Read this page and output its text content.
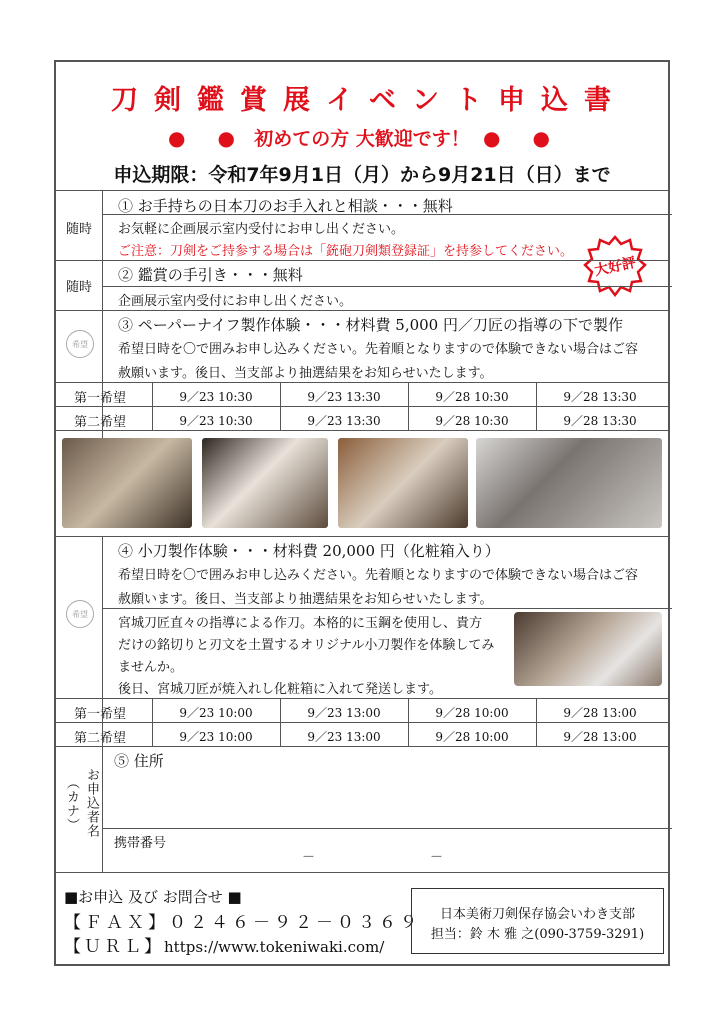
刀剣鑑賞展イベント申込書
●　● 初めての方 大歓迎です！ ●　●
申込期限：令和7年9月1日（月）から9月21日（日）まで
随時
① お手持ちの日本刀のお手入れと相談・・・無料
お気軽に企画展示室内受付にお申し出ください。
ご注意：刀剣をご持参する場合は「銃砲刀剣類登録証」を持参してください。
大好評
随時
② 鑑賞の手引き・・・無料
企画展示室内受付にお申し出ください。
希望
③ ペーパーナイフ製作体験・・・材料費 5,000 円／刀匠の指導の下で製作
希望日時を〇で囲みお申し込みください。先着順となりますので体験できない場合はご容
赦願います。後日、当支部より抽選結果をお知らせいたします。
第一希望	9／23 10:30	9／23 13:30	9／28 10:30	9／28 13:30
第二希望	9／23 10:30	9／23 13:30	9／28 10:30	9／28 13:30
希望
④ 小刀製作体験・・・材料費 20,000 円（化粧箱入り）
希望日時を〇で囲みお申し込みください。先着順となりますので体験できない場合はご容
赦願います。後日、当支部より抽選結果をお知らせいたします。
宮城刀匠直々の指導による作刀。本格的に玉鋼を使用し、貴方
だけの銘切りと刃文を土置するオリジナル小刀製作を体験してみ
ませんか。
後日、宮城刀匠が焼入れし化粧箱に入れて発送します。
第一希望	9／23 10:00	9／23 13:00	9／28 10:00	9／28 13:00
第二希望	9／23 10:00	9／23 13:00	9／28 10:00	9／28 13:00
お申込者名
（カナ）
⑤ 住所
携帯番号
－	－
■お申込 及び お問合せ ■
【ＦＡＸ】０２４６－９２－０３６９
【ＵＲＬ】https://www.tokeniwaki.com/
日本美術刀剣保存協会いわき支部
担当：鈴 木 雅 之(090-3759-3291)
